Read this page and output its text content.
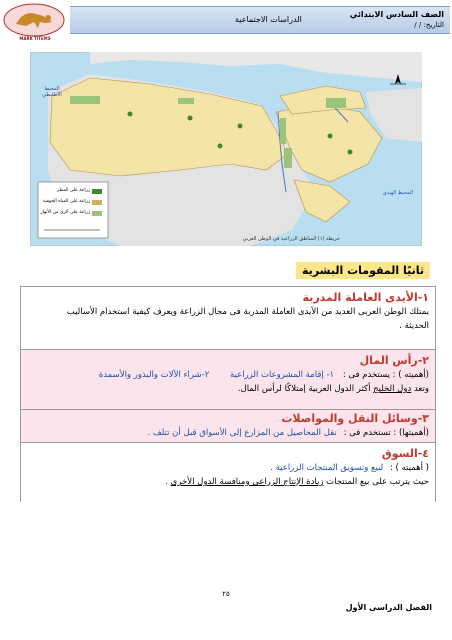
MARK TITEMS
الصف السادس الابتدائي
التاريخ: / /
الدراسات الاجتماعية
المحيط الأطلنطي
المحيط الهندي
زراعة على المطر
زراعة على المياه الجوفية
زراعة على الري من الأنهار
خريطة (١) المناطق الزراعية في الوطن العربي
ثانيًا المقومات البشرية
١-الأيدى العاملة المدربة
يمتلك الوطن العربى العديد من الأيدى العاملة المدربة فى مجال الزراعة ويعرف كيفية استخدام الأساليب
الحديثة .
٢-رأس المال
(أهميته ) : يستخدم فى : ١- إقامة المشروعات الزراعية ٢-شراء الآلات والبذور والأسمدة
وتعد دول الخليج أكثر الدول العربية إمتلاكًا لرأس المال.
٣-وسائل النقل والمواصلات
(أهميتها) : تستخدم فى : نقل المحاصيل من المزارع إلى الأسواق قبل أن تتلف .
٤-السوق
( أهميته ) : لبيع وتسويق المنتجات الزراعية .
حيث يترتب على بيع المنتجات زيادة الإنتاج الزراعى ومنافسة الدول الأخرى .
٢٥
الفصل الدراسى الأول
